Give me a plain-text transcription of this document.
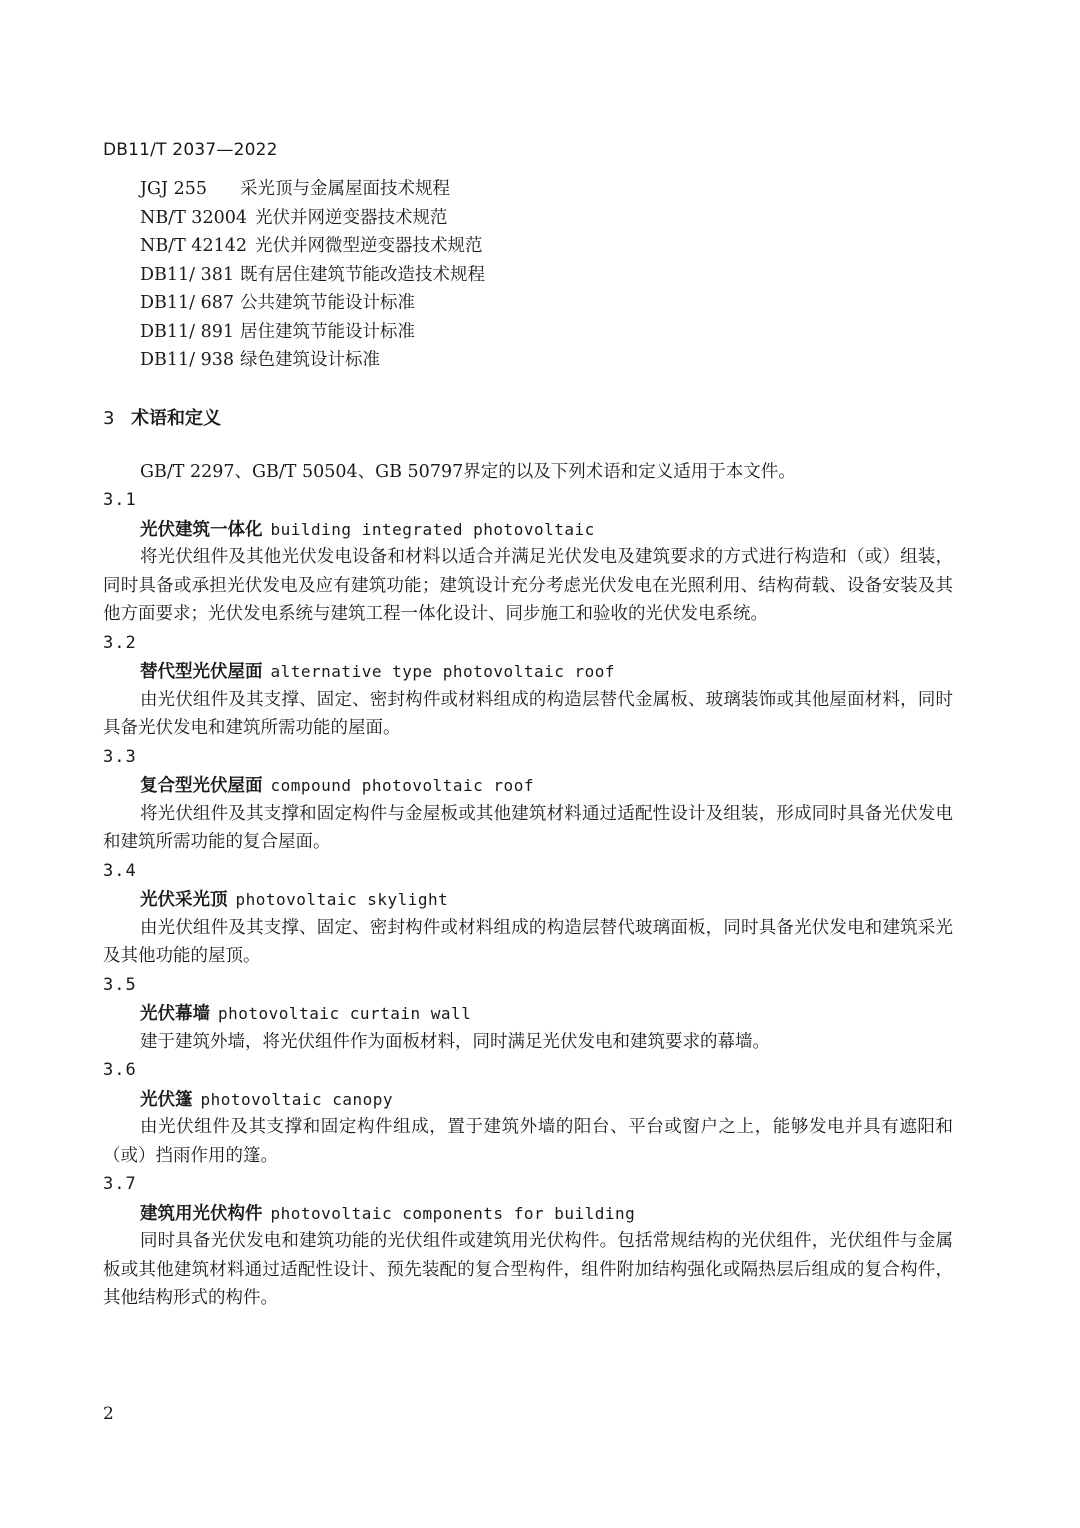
DB11/T 2037—2022
JGJ 255 采光顶与金属屋面技术规程
NB/T 32004 光伏并网逆变器技术规范
NB/T 42142 光伏并网微型逆变器技术规范
DB11/ 381 既有居住建筑节能改造技术规程
DB11/ 687 公共建筑节能设计标准
DB11/ 891 居住建筑节能设计标准
DB11/ 938 绿色建筑设计标准
3 术语和定义
GB/T 2297、GB/T 50504、GB 50797界定的以及下列术语和定义适用于本文件。
3.1
光伏建筑一体化 building integrated photovoltaic
将光伏组件及其他光伏发电设备和材料以适合并满足光伏发电及建筑要求的方式进行构造和（或）组装，同时具备或承担光伏发电及应有建筑功能；建筑设计充分考虑光伏发电在光照利用、结构荷载、设备安装及其他方面要求；光伏发电系统与建筑工程一体化设计、同步施工和验收的光伏发电系统。
3.2
替代型光伏屋面 alternative type photovoltaic roof
由光伏组件及其支撑、固定、密封构件或材料组成的构造层替代金属板、玻璃装饰或其他屋面材料，同时具备光伏发电和建筑所需功能的屋面。
3.3
复合型光伏屋面 compound photovoltaic roof
将光伏组件及其支撑和固定构件与金屋板或其他建筑材料通过适配性设计及组装，形成同时具备光伏发电和建筑所需功能的复合屋面。
3.4
光伏采光顶 photovoltaic skylight
由光伏组件及其支撑、固定、密封构件或材料组成的构造层替代玻璃面板，同时具备光伏发电和建筑采光及其他功能的屋顶。
3.5
光伏幕墙 photovoltaic curtain wall
建于建筑外墙，将光伏组件作为面板材料，同时满足光伏发电和建筑要求的幕墙。
3.6
光伏篷 photovoltaic canopy
由光伏组件及其支撑和固定构件组成，置于建筑外墙的阳台、平台或窗户之上，能够发电并具有遮阳和（或）挡雨作用的篷。
3.7
建筑用光伏构件 photovoltaic components for building
同时具备光伏发电和建筑功能的光伏组件或建筑用光伏构件。包括常规结构的光伏组件，光伏组件与金属板或其他建筑材料通过适配性设计、预先装配的复合型构件，组件附加结构强化或隔热层后组成的复合构件，其他结构形式的构件。
2
